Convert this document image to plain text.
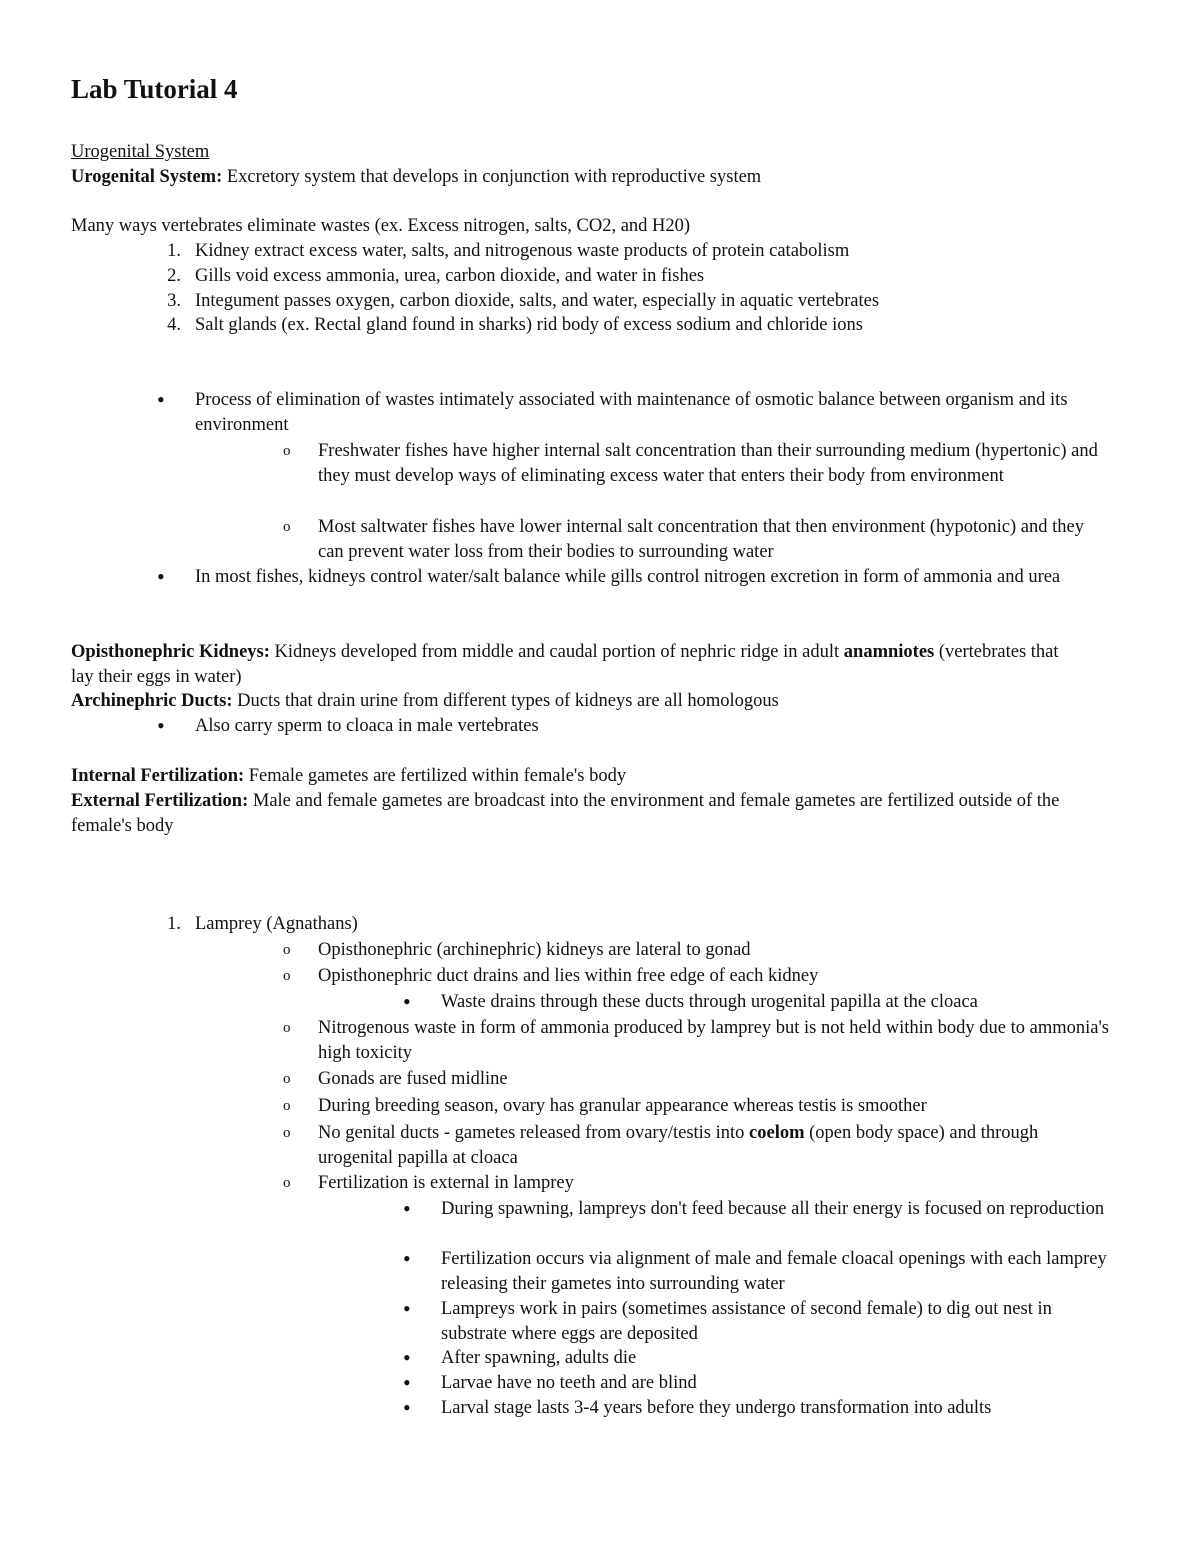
Lab Tutorial 4
Urogenital System
Urogenital System: Excretory system that develops in conjunction with reproductive system
Many ways vertebrates eliminate wastes (ex. Excess nitrogen, salts, CO2, and H20)
1. Kidney extract excess water, salts, and nitrogenous waste products of protein catabolism
2. Gills void excess ammonia, urea, carbon dioxide, and water in fishes
3. Integument passes oxygen, carbon dioxide, salts, and water, especially in aquatic vertebrates
4. Salt glands (ex. Rectal gland found in sharks) rid body of excess sodium and chloride ions
• Process of elimination of wastes intimately associated with maintenance of osmotic balance between organism and its environment
o Freshwater fishes have higher internal salt concentration than their surrounding medium (hypertonic) and they must develop ways of eliminating excess water that enters their body from environment
o Most saltwater fishes have lower internal salt concentration that then environment (hypotonic) and they can prevent water loss from their bodies to surrounding water
• In most fishes, kidneys control water/salt balance while gills control nitrogen excretion in form of ammonia and urea
Opisthonephric Kidneys: Kidneys developed from middle and caudal portion of nephric ridge in adult anamniotes (vertebrates that lay their eggs in water)
Archinephric Ducts: Ducts that drain urine from different types of kidneys are all homologous
• Also carry sperm to cloaca in male vertebrates
Internal Fertilization: Female gametes are fertilized within female's body
External Fertilization: Male and female gametes are broadcast into the environment and female gametes are fertilized outside of the female's body
1. Lamprey (Agnathans)
o Opisthonephric (archinephric) kidneys are lateral to gonad
o Opisthonephric duct drains and lies within free edge of each kidney
• Waste drains through these ducts through urogenital papilla at the cloaca
o Nitrogenous waste in form of ammonia produced by lamprey but is not held within body due to ammonia's high toxicity
o Gonads are fused midline
o During breeding season, ovary has granular appearance whereas testis is smoother
o No genital ducts - gametes released from ovary/testis into coelom (open body space) and through urogenital papilla at cloaca
o Fertilization is external in lamprey
• During spawning, lampreys don't feed because all their energy is focused on reproduction
• Fertilization occurs via alignment of male and female cloacal openings with each lamprey releasing their gametes into surrounding water
• Lampreys work in pairs (sometimes assistance of second female) to dig out nest in substrate where eggs are deposited
• After spawning, adults die
• Larvae have no teeth and are blind
• Larval stage lasts 3-4 years before they undergo transformation into adults
